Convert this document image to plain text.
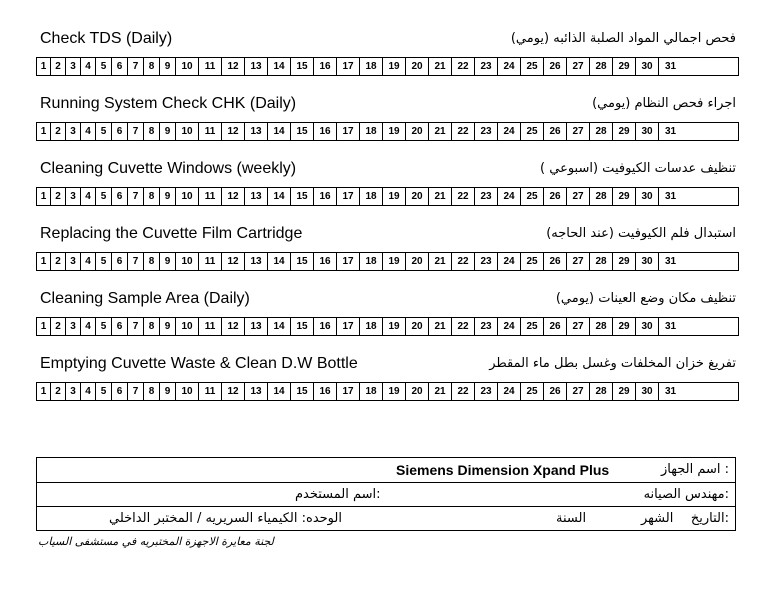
Check TDS (Daily)	فحص اجمالي المواد الصلبة الذائبه (يومي)
1 2 3 4 5	6	7	8	9	10	11	12	13	14	15	16	17	18	19	20	21	22	23	24	25	26	27	28	29	30	31
Running System Check CHK (Daily)	اجراء فحص النظام (يومي)
1 2 3 4 5	6	7	8	9	10	11	12	13	14	15	16	17	18	19	20	21	22	23	24	25	26	27	28	29	30	31
Cleaning Cuvette Windows (weekly)	تنظيف عدسات الكيوفيت (اسبوعي )
1 2 3 4 5	6	7	8	9	10	11	12	13	14	15	16	17	18	19	20	21	22	23	24	25	26	27	28	29	30	31
Replacing the Cuvette Film Cartridge	استبدال فلم الكيوفيت (عند الحاجه)
1 2 3 4 5	6	7	8	9	10	11	12	13	14	15	16	17	18	19	20	21	22	23	24	25	26	27	28	29	30	31
Cleaning Sample Area (Daily)	تنظيف مكان وضع العينات (يومي)
1 2 3 4 5	6	7	8	9	10	11	12	13	14	15	16	17	18	19	20	21	22	23	24	25	26	27	28	29	30	31
Emptying Cuvette Waste & Clean D.W Bottle	تفريغ خزان المخلفات وغسل بطل ماء المقطر
1 2 3 4 5	6	7	8	9	10	11	12	13	14	15	16	17	18	19	20	21	22	23	24	25	26	27	28	29	30	31
اسم الجهاز :
Siemens Dimension Xpand Plus
مهندس الصيانه:
اسم المستخدم:
التاريخ:
الشهر
السنة
الوحده: الكيمياء السريريه / المختبر الداخلي
لجنة معايرة الاجهزة المختبريه في مستشفى السياب
